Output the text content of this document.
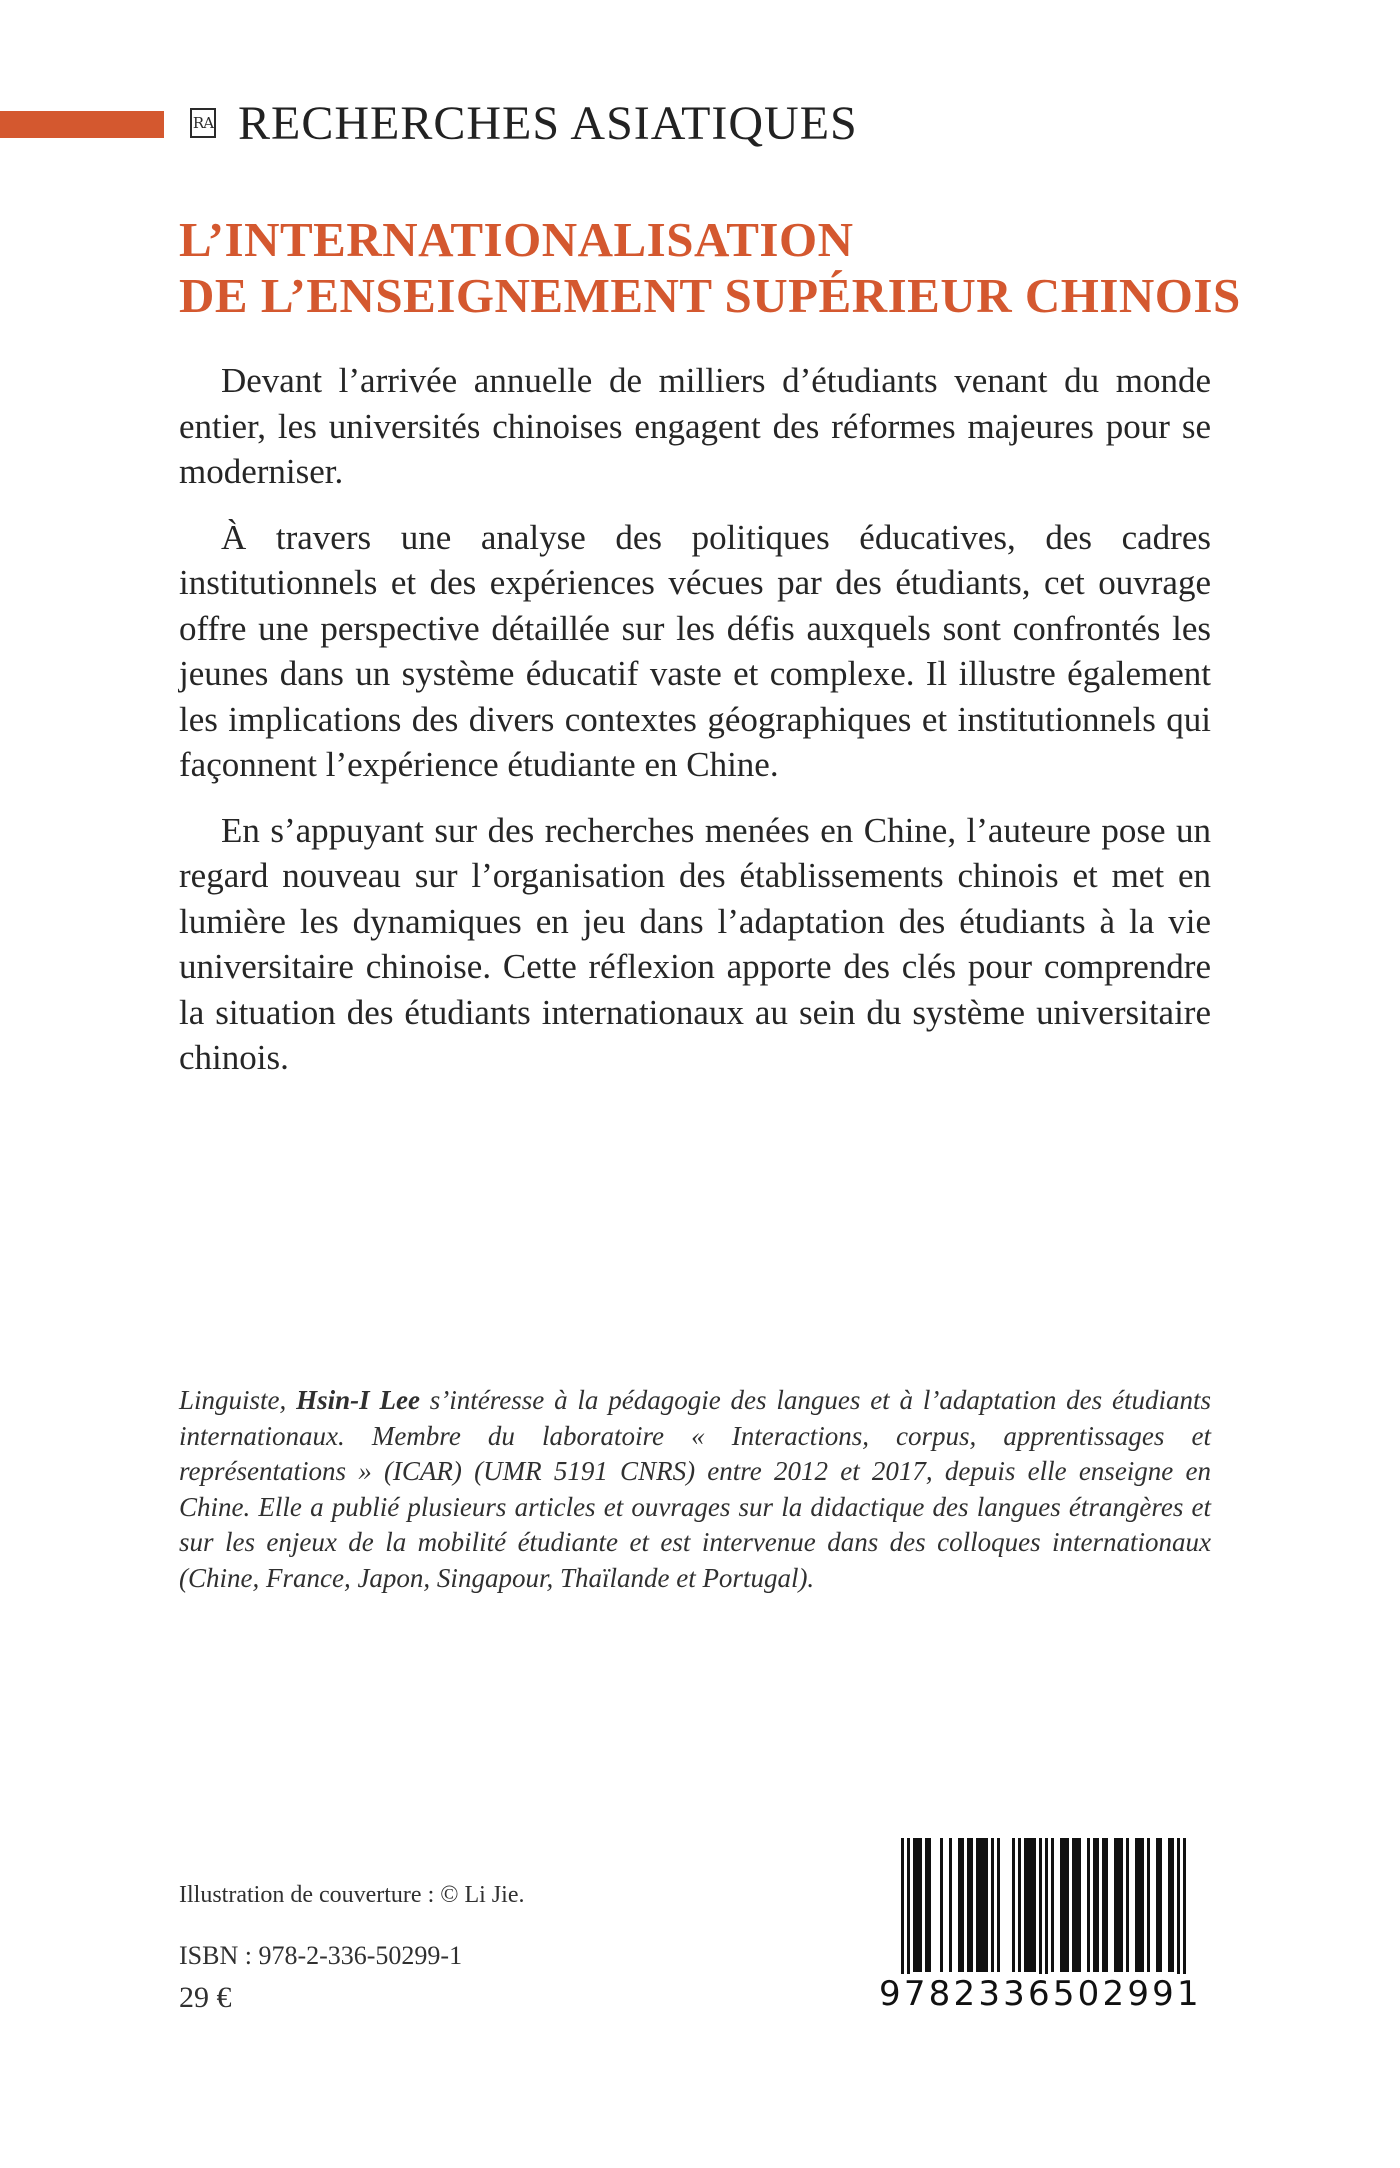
RA RECHERCHES ASIATIQUES
L’INTERNATIONALISATION
DE L’ENSEIGNEMENT SUPÉRIEUR CHINOIS

Devant l’arrivée annuelle de milliers d’étudiants venant du monde entier, les universités chinoises engagent des réformes majeures pour se moderniser.

À travers une analyse des politiques éducatives, des cadres institutionnels et des expériences vécues par des étudiants, cet ouvrage offre une perspective détaillée sur les défis auxquels sont confrontés les jeunes dans un système éducatif vaste et complexe. Il illustre également les implications des divers contextes géographiques et institutionnels qui façonnent l’expérience étudiante en Chine.

En s’appuyant sur des recherches menées en Chine, l’auteure pose un regard nouveau sur l’organisation des établissements chinois et met en lumière les dynamiques en jeu dans l’adaptation des étudiants à la vie universitaire chinoise. Cette réflexion apporte des clés pour comprendre la situation des étudiants internationaux au sein du système universitaire chinois.

Linguiste, Hsin-I Lee s’intéresse à la pédagogie des langues et à l’adaptation des étudiants internationaux. Membre du laboratoire « Interactions, corpus, apprentissages et représentations » (ICAR) (UMR 5191 CNRS) entre 2012 et 2017, depuis elle enseigne en Chine. Elle a publié plusieurs articles et ouvrages sur la didactique des langues étrangères et sur les enjeux de la mobilité étudiante et est intervenue dans des colloques internationaux (Chine, France, Japon, Singapour, Thaïlande et Portugal).
Illustration de couverture : © Li Jie.
ISBN : 978-2-336-50299-1
29 €	9782336502991
